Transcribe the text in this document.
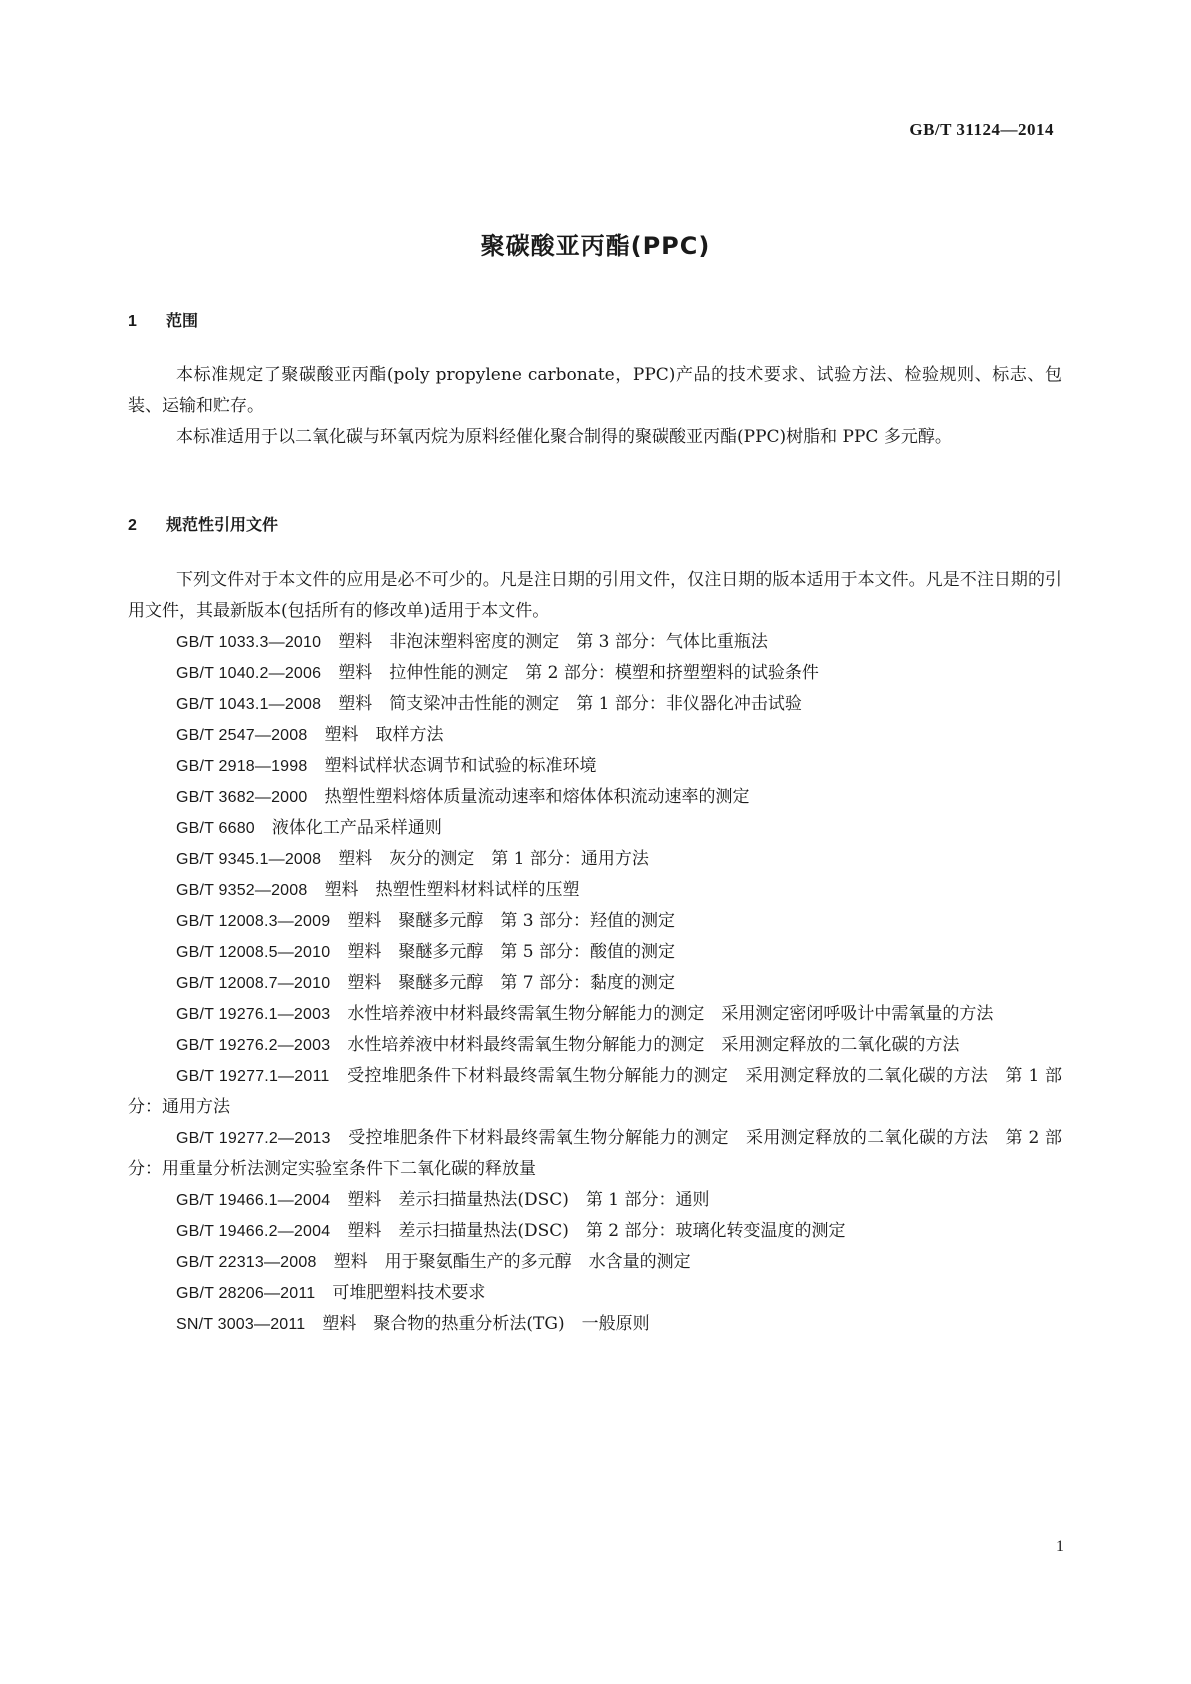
GB/T 31124—2014
聚碳酸亚丙酯(PPC)
1 范围

本标准规定了聚碳酸亚丙酯(poly propylene carbonate，PPC)产品的技术要求、试验方法、检验规则、标志、包装、运输和贮存。

本标准适用于以二氧化碳与环氧丙烷为原料经催化聚合制得的聚碳酸亚丙酯(PPC)树脂和 PPC 多元醇。

2 规范性引用文件

下列文件对于本文件的应用是必不可少的。凡是注日期的引用文件，仅注日期的版本适用于本文件。凡是不注日期的引用文件，其最新版本(包括所有的修改单)适用于本文件。

GB/T 1033.3—2010　 塑料　非泡沫塑料密度的测定　第 3 部分：气体比重瓶法
GB/T 1040.2—2006　 塑料　拉伸性能的测定　第 2 部分：模塑和挤塑塑料的试验条件
GB/T 1043.1—2008　 塑料　简支梁冲击性能的测定　第 1 部分：非仪器化冲击试验
GB/T 2547—2008　 塑料　取样方法
GB/T 2918—1998　 塑料试样状态调节和试验的标准环境
GB/T 3682—2000　 热塑性塑料熔体质量流动速率和熔体体积流动速率的测定
GB/T 6680　 液体化工产品采样通则
GB/T 9345.1—2008　 塑料　灰分的测定　第 1 部分：通用方法
GB/T 9352—2008　 塑料　热塑性塑料材料试样的压塑
GB/T 12008.3—2009　 塑料　聚醚多元醇　第 3 部分：羟值的测定
GB/T 12008.5—2010　 塑料　聚醚多元醇　第 5 部分：酸值的测定
GB/T 12008.7—2010　 塑料　聚醚多元醇　第 7 部分：黏度的测定
GB/T 19276.1—2003　 水性培养液中材料最终需氧生物分解能力的测定　采用测定密闭呼吸计中需氧量的方法
GB/T 19276.2—2003　 水性培养液中材料最终需氧生物分解能力的测定　采用测定释放的二氧化碳的方法
GB/T 19277.1—2011　 受控堆肥条件下材料最终需氧生物分解能力的测定　采用测定释放的二氧化碳的方法　第 1 部分：通用方法
GB/T 19277.2—2013　 受控堆肥条件下材料最终需氧生物分解能力的测定　采用测定释放的二氧化碳的方法　第 2 部分：用重量分析法测定实验室条件下二氧化碳的释放量
GB/T 19466.1—2004　 塑料　差示扫描量热法(DSC)　第 1 部分：通则
GB/T 19466.2—2004　 塑料　差示扫描量热法(DSC)　第 2 部分：玻璃化转变温度的测定
GB/T 22313—2008　 塑料　用于聚氨酯生产的多元醇　水含量的测定
GB/T 28206—2011　 可堆肥塑料技术要求
SN/T 3003—2011　 塑料　聚合物的热重分析法(TG)　一般原则
1
